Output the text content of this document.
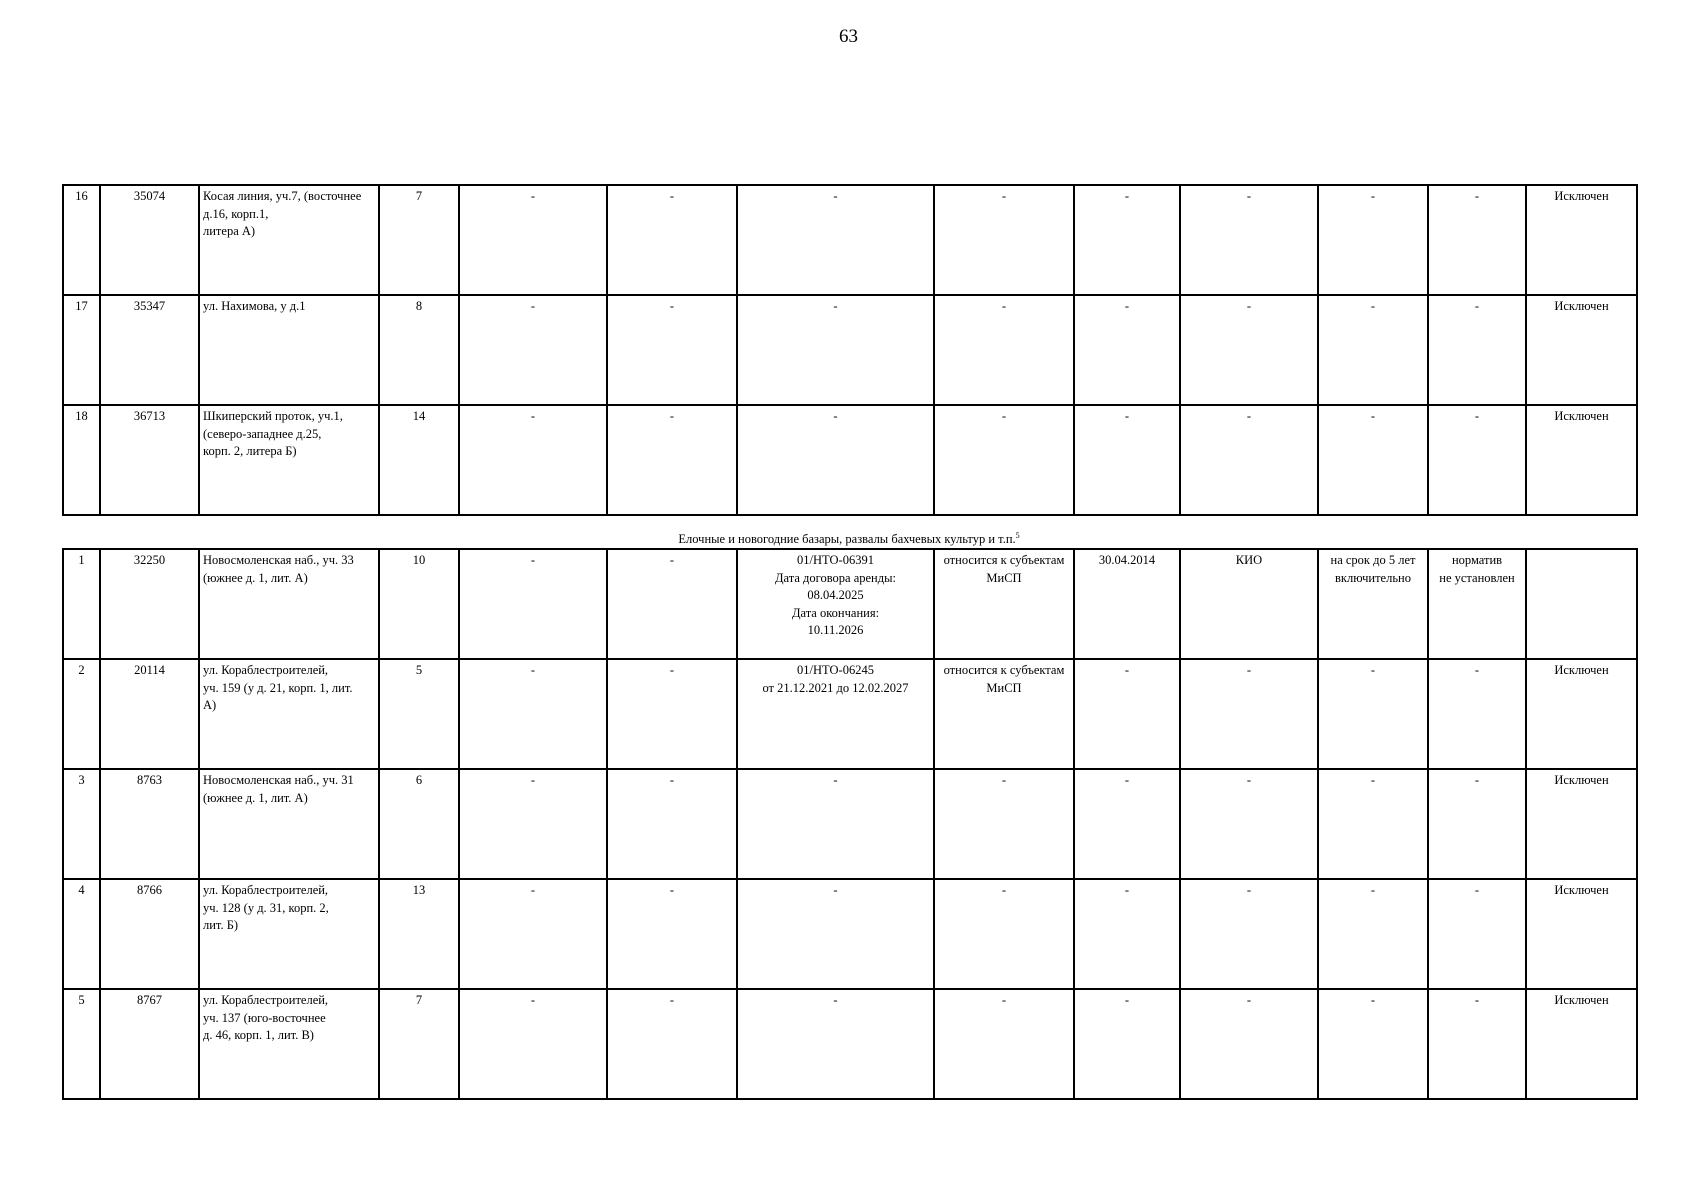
63
16	35074	Косая линия, уч.7, (восточнее
д.16, корп.1,
литера А)	7	-	-	-	-	-	-	-	-	Исключен

17	35347	ул. Нахимова, у д.1	8	-	-	-	-	-	-	-	-	Исключен

18	36713	Шкиперский проток, уч.1,
(северо-западнее д.25,
корп. 2, литера Б)	14	-	-	-	-	-	-	-	-	Исключен
Елочные и новогодние базары, развалы бахчевых культур и т.п.$^5$
1	32250	Новосмоленская наб., уч. 33
(южнее д. 1, лит. А)	10	-	-	01/НТО-06391
Дата договора аренды:
08.04.2025
Дата окончания:
10.11.2026	относится к субъектам
МиСП	30.04.2014	КИО	на срок до 5 лет
включительно	норматив
не установлен	

2	20114	ул. Кораблестроителей,
уч. 159 (у д. 21, корп. 1, лит.
А)	5	-	-	01/НТО-06245
от 21.12.2021 до 12.02.2027	относится к субъектам
МиСП	-	-	-	-	Исключен

3	8763	Новосмоленская наб., уч. 31
(южнее д. 1, лит. А)	6	-	-	-	-	-	-	-	-	Исключен

4	8766	ул. Кораблестроителей,
уч. 128 (у д. 31, корп. 2,
лит. Б)	13	-	-	-	-	-	-	-	-	Исключен

5	8767	ул. Кораблестроителей,
уч. 137 (юго-восточнее
д. 46, корп. 1, лит. В)	7	-	-	-	-	-	-	-	-	Исключен
